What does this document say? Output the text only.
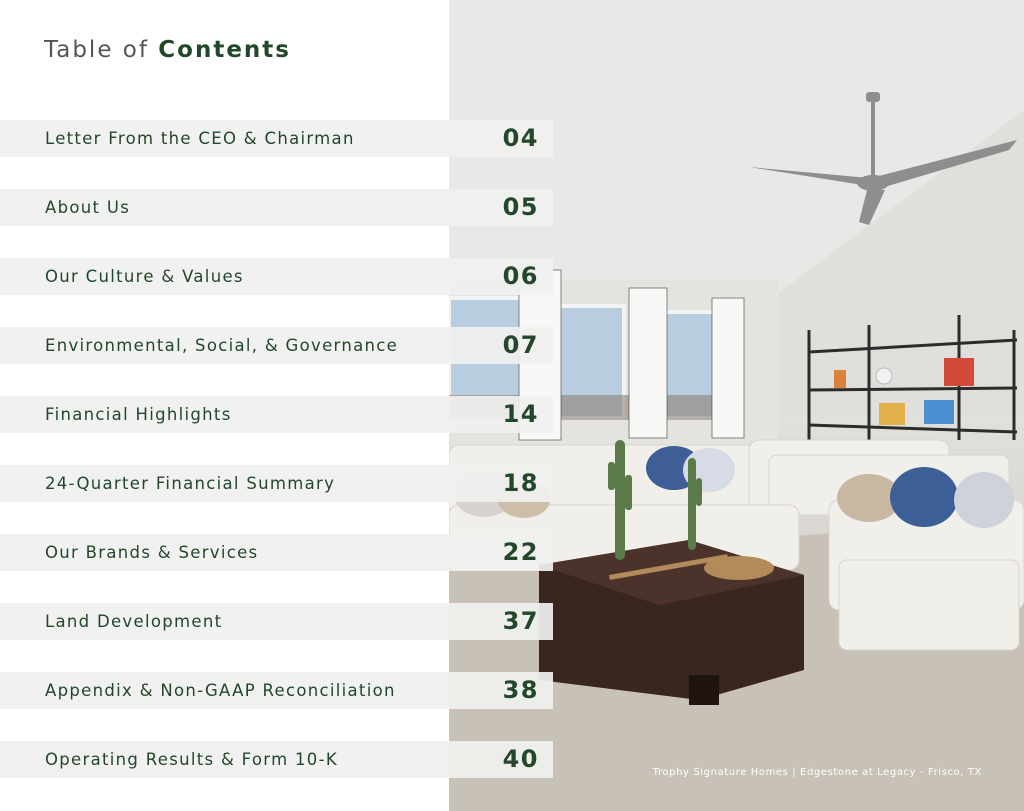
Trophy Signature Homes | Edgestone at Legacy - Frisco, TX
Table of Contents
Letter From the CEO & Chairman	04
About Us	05
Our Culture & Values	06
Environmental, Social, & Governance	07
Financial Highlights	14
24-Quarter Financial Summary	18
Our Brands & Services	22
Land Development	37
Appendix & Non-GAAP Reconciliation	38
Operating Results & Form 10-K	40
